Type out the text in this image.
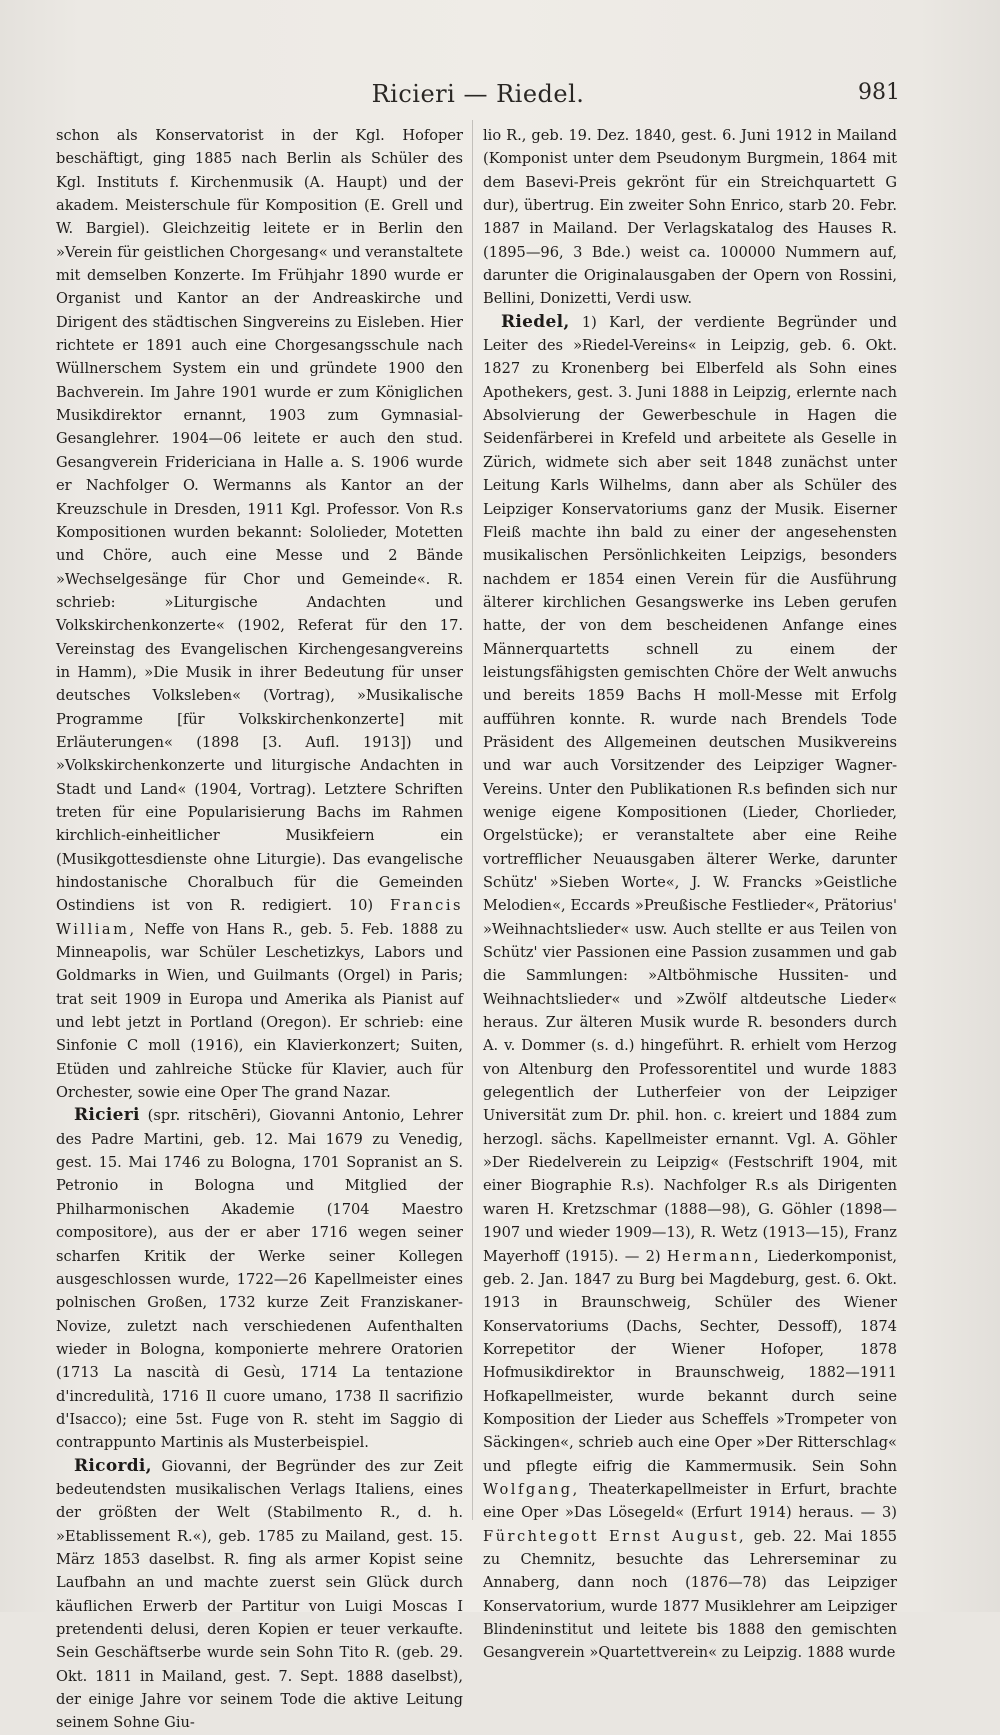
Ricieri — Riedel.	981

schon als Konservatorist in der Kgl. Hofoper beschäftigt, ging 1885 nach Berlin als Schüler des Kgl. Instituts f. Kirchenmusik (A. Haupt) und der akadem. Meisterschule für Komposition (E. Grell und W. Bargiel). Gleichzeitig leitete er in Berlin den »Verein für geistlichen Chorgesang« und veranstaltete mit demselben Konzerte. Im Frühjahr 1890 wurde er Organist und Kantor an der Andreaskirche und Dirigent des städtischen Singvereins zu Eisleben. Hier richtete er 1891 auch eine Chorgesangsschule nach Wüllnerschem System ein und gründete 1900 den Bachverein. Im Jahre 1901 wurde er zum Königlichen Musikdirektor ernannt, 1903 zum Gymnasial-Gesanglehrer. 1904—06 leitete er auch den stud. Gesangverein Fridericiana in Halle a. S. 1906 wurde er Nachfolger O. Wermanns als Kantor an der Kreuzschule in Dresden, 1911 Kgl. Professor. Von R.s Kompositionen wurden bekannt: Sololieder, Motetten und Chöre, auch eine Messe und 2 Bände »Wechselgesänge für Chor und Gemeinde«. R. schrieb: »Liturgische Andachten und Volkskirchenkonzerte« (1902, Referat für den 17. Vereinstag des Evangelischen Kirchengesangvereins in Hamm), »Die Musik in ihrer Bedeutung für unser deutsches Volksleben« (Vortrag), »Musikalische Programme [für Volkskirchenkonzerte] mit Erläuterungen« (1898 [3. Aufl. 1913]) und »Volkskirchenkonzerte und liturgische Andachten in Stadt und Land« (1904, Vortrag). Letztere Schriften treten für eine Popularisierung Bachs im Rahmen kirchlich-einheitlicher Musikfeiern ein (Musikgottesdienste ohne Liturgie). Das evangelische hindostanische Choralbuch für die Gemeinden Ostindiens ist von R. redigiert. 10) Francis William, Neffe von Hans R., geb. 5. Feb. 1888 zu Minneapolis, war Schüler Leschetizkys, Labors und Goldmarks in Wien, und Guilmants (Orgel) in Paris; trat seit 1909 in Europa und Amerika als Pianist auf und lebt jetzt in Portland (Oregon). Er schrieb: eine Sinfonie C moll (1916), ein Klavierkonzert; Suiten, Etüden und zahlreiche Stücke für Klavier, auch für Orchester, sowie eine Oper The grand Nazar.

Ricieri (spr. ritschēri), Giovanni Antonio, Lehrer des Padre Martini, geb. 12. Mai 1679 zu Venedig, gest. 15. Mai 1746 zu Bologna, 1701 Sopranist an S. Petronio in Bologna und Mitglied der Philharmonischen Akademie (1704 Maestro compositore), aus der er aber 1716 wegen seiner scharfen Kritik der Werke seiner Kollegen ausgeschlossen wurde, 1722—26 Kapellmeister eines polnischen Großen, 1732 kurze Zeit Franziskaner-Novize, zuletzt nach verschiedenen Aufenthalten wieder in Bologna, komponierte mehrere Oratorien (1713 La nascità di Gesù, 1714 La tentazione d'incredulità, 1716 Il cuore umano, 1738 Il sacrifizio d'Isacco); eine 5st. Fuge von R. steht im Saggio di contrappunto Martinis als Musterbeispiel.

Ricordi, Giovanni, der Begründer des zur Zeit bedeutendsten musikalischen Verlags Italiens, eines der größten der Welt (Stabilmento R., d. h. »Etablissement R.«), geb. 1785 zu Mailand, gest. 15. März 1853 daselbst. R. fing als armer Kopist seine Laufbahn an und machte zuerst sein Glück durch käuflichen Erwerb der Partitur von Luigi Moscas I pretendenti delusi, deren Kopien er teuer verkaufte. Sein Geschäftserbe wurde sein Sohn Tito R. (geb. 29. Okt. 1811 in Mailand, gest. 7. Sept. 1888 daselbst), der einige Jahre vor seinem Tode die aktive Leitung seinem Sohne Giu-

lio R., geb. 19. Dez. 1840, gest. 6. Juni 1912 in Mailand (Komponist unter dem Pseudonym Burgmein, 1864 mit dem Basevi-Preis gekrönt für ein Streichquartett G dur), übertrug. Ein zweiter Sohn Enrico, starb 20. Febr. 1887 in Mailand. Der Verlagskatalog des Hauses R. (1895—96, 3 Bde.) weist ca. 100000 Nummern auf, darunter die Originalausgaben der Opern von Rossini, Bellini, Donizetti, Verdi usw.

Riedel, 1) Karl, der verdiente Begründer und Leiter des »Riedel-Vereins« in Leipzig, geb. 6. Okt. 1827 zu Kronenberg bei Elberfeld als Sohn eines Apothekers, gest. 3. Juni 1888 in Leipzig, erlernte nach Absolvierung der Gewerbeschule in Hagen die Seidenfärberei in Krefeld und arbeitete als Geselle in Zürich, widmete sich aber seit 1848 zunächst unter Leitung Karls Wilhelms, dann aber als Schüler des Leipziger Konservatoriums ganz der Musik. Eiserner Fleiß machte ihn bald zu einer der angesehensten musikalischen Persönlichkeiten Leipzigs, besonders nachdem er 1854 einen Verein für die Ausführung älterer kirchlichen Gesangswerke ins Leben gerufen hatte, der von dem bescheidenen Anfange eines Männerquartetts schnell zu einem der leistungsfähigsten gemischten Chöre der Welt anwuchs und bereits 1859 Bachs H moll-Messe mit Erfolg aufführen konnte. R. wurde nach Brendels Tode Präsident des Allgemeinen deutschen Musikvereins und war auch Vorsitzender des Leipziger Wagner-Vereins. Unter den Publikationen R.s befinden sich nur wenige eigene Kompositionen (Lieder, Chorlieder, Orgelstücke); er veranstaltete aber eine Reihe vortrefflicher Neuausgaben älterer Werke, darunter Schütz' »Sieben Worte«, J. W. Francks »Geistliche Melodien«, Eccards »Preußische Festlieder«, Prätorius' »Weihnachtslieder« usw. Auch stellte er aus Teilen von Schütz' vier Passionen eine Passion zusammen und gab die Sammlungen: »Altböhmische Hussiten- und Weihnachtslieder« und »Zwölf altdeutsche Lieder« heraus. Zur älteren Musik wurde R. besonders durch A. v. Dommer (s. d.) hingeführt. R. erhielt vom Herzog von Altenburg den Professorentitel und wurde 1883 gelegentlich der Lutherfeier von der Leipziger Universität zum Dr. phil. hon. c. kreiert und 1884 zum herzogl. sächs. Kapellmeister ernannt. Vgl. A. Göhler »Der Riedelverein zu Leipzig« (Festschrift 1904, mit einer Biographie R.s). Nachfolger R.s als Dirigenten waren H. Kretzschmar (1888—98), G. Göhler (1898—1907 und wieder 1909—13), R. Wetz (1913—15), Franz Mayerhoff (1915). — 2) Hermann, Liederkomponist, geb. 2. Jan. 1847 zu Burg bei Magdeburg, gest. 6. Okt. 1913 in Braunschweig, Schüler des Wiener Konservatoriums (Dachs, Sechter, Dessoff), 1874 Korrepetitor der Wiener Hofoper, 1878 Hofmusikdirektor in Braunschweig, 1882—1911 Hofkapellmeister, wurde bekannt durch seine Komposition der Lieder aus Scheffels »Trompeter von Säckingen«, schrieb auch eine Oper »Der Ritterschlag« und pflegte eifrig die Kammermusik. Sein Sohn Wolfgang, Theaterkapellmeister in Erfurt, brachte eine Oper »Das Lösegeld« (Erfurt 1914) heraus. — 3) Fürchtegott Ernst August, geb. 22. Mai 1855 zu Chemnitz, besuchte das Lehrerseminar zu Annaberg, dann noch (1876—78) das Leipziger Konservatorium, wurde 1877 Musiklehrer am Leipziger Blindeninstitut und leitete bis 1888 den gemischten Gesangverein »Quartettverein« zu Leipzig. 1888 wurde
